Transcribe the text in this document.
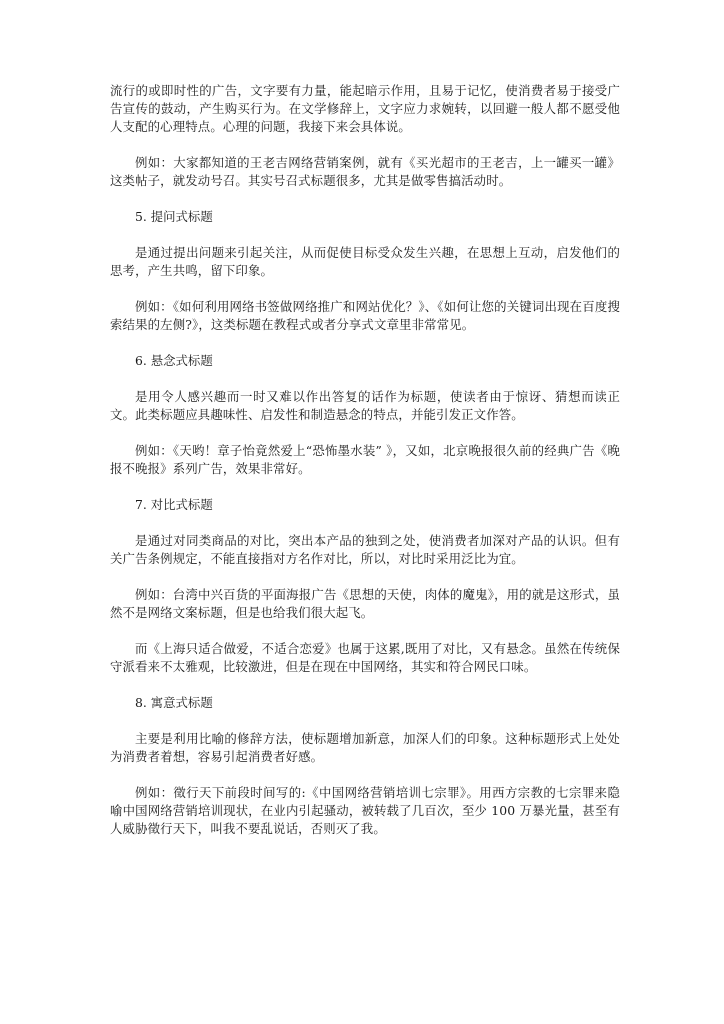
流行的或即时性的广告，文字要有力量，能起暗示作用，且易于记忆，使消费者易于接受广告宣传的鼓动，产生购买行为。在文学修辞上，文字应力求婉转，以回避一般人都不愿受他人支配的心理特点。心理的问题，我接下来会具体说。

例如：大家都知道的王老吉网络营销案例，就有《买光超市的王老吉，上一罐买一罐》这类帖子，就发动号召。其实号召式标题很多，尤其是做零售搞活动时。

5. 提问式标题

是通过提出问题来引起关注，从而促使目标受众发生兴趣，在思想上互动，启发他们的思考，产生共鸣，留下印象。

例如：《如何利用网络书签做网络推广和网站优化？》、《如何让您的关键词出现在百度搜索结果的左侧?》，这类标题在教程式或者分享式文章里非常常见。

6. 悬念式标题

是用令人感兴趣而一时又难以作出答复的话作为标题，使读者由于惊讶、猜想而读正文。此类标题应具趣味性、启发性和制造悬念的特点，并能引发正文作答。

例如：《天哟！章子怡竟然爱上“恐怖墨水装” 》，又如，北京晚报很久前的经典广告《晚报不晚报》系列广告，效果非常好。

7. 对比式标题

是通过对同类商品的对比，突出本产品的独到之处，使消费者加深对产品的认识。但有关广告条例规定，不能直接指对方名作对比，所以，对比时采用泛比为宜。

例如：台湾中兴百货的平面海报广告《思想的天使，肉体的魔鬼》，用的就是这形式，虽然不是网络文案标题，但是也给我们很大起飞。

而《上海只适合做爱，不适合恋爱》也属于这累,既用了对比，又有悬念。虽然在传统保守派看来不太雅观，比较激进，但是在现在中国网络，其实和符合网民口味。

8. 寓意式标题

主要是利用比喻的修辞方法，使标题增加新意，加深人们的印象。这种标题形式上处处为消费者着想，容易引起消费者好感。

例如：徵行天下前段时间写的:《中国网络营销培训七宗罪》。用西方宗教的七宗罪来隐喻中国网络营销培训现状，在业内引起骚动，被转载了几百次，至少 100 万暴光量，甚至有人威胁徵行天下，叫我不要乱说话，否则灭了我。
